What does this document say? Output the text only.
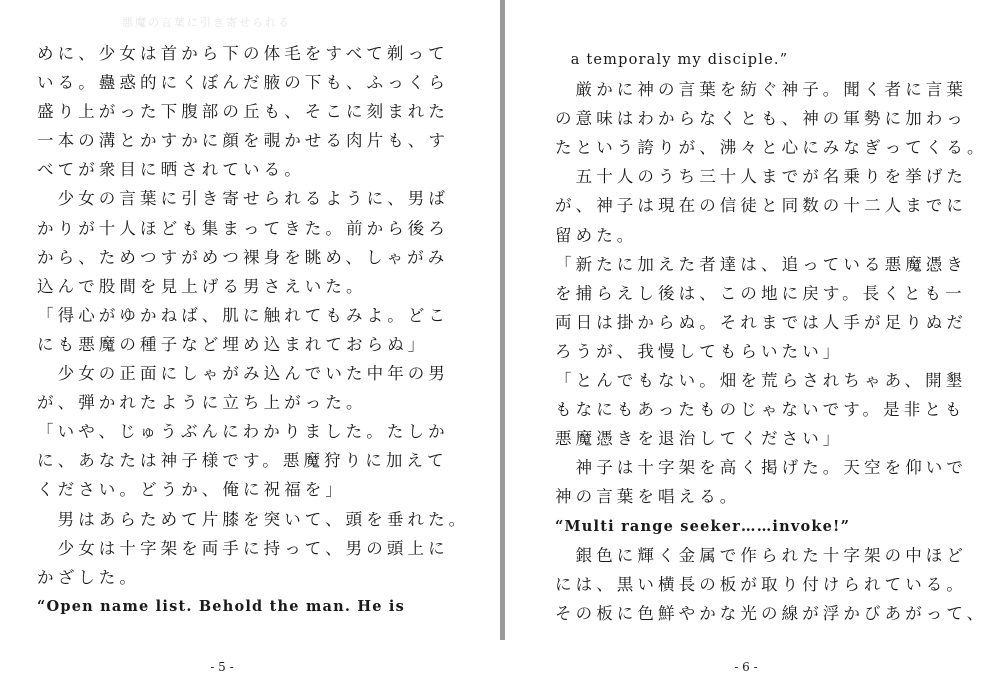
悪魔の言葉に引き寄せられる
めに、少女は首から下の体毛をすべて剃って
いる。蠱惑的にくぼんだ腋の下も、ふっくら
盛り上がった下腹部の丘も、そこに刻まれた
一本の溝とかすかに顔を覗かせる肉片も、す
べてが衆目に晒されている。
　少女の言葉に引き寄せられるように、男ば
かりが十人ほども集まってきた。前から後ろ
から、ためつすがめつ裸身を眺め、しゃがみ
込んで股間を見上げる男さえいた。
「得心がゆかねば、肌に触れてもみよ。どこ
にも悪魔の種子など埋め込まれておらぬ」
　少女の正面にしゃがみ込んでいた中年の男
が、弾かれたように立ち上がった。
「いや、じゅうぶんにわかりました。たしか
に、あなたは神子様です。悪魔狩りに加えて
ください。どうか、俺に祝福を」
　男はあらためて片膝を突いて、頭を垂れた。
　少女は十字架を両手に持って、男の頭上に
かざした。
“Open name list. Behold the man. He is
- 5 -
　a temporaly my disciple.”
　厳かに神の言葉を紡ぐ神子。聞く者に言葉
の意味はわからなくとも、神の軍勢に加わっ
たという誇りが、沸々と心にみなぎってくる。
　五十人のうち三十人までが名乗りを挙げた
が、神子は現在の信徒と同数の十二人までに
留めた。
「新たに加えた者達は、追っている悪魔憑き
を捕らえし後は、この地に戻す。長くとも一
両日は掛からぬ。それまでは人手が足りぬだ
ろうが、我慢してもらいたい」
「とんでもない。畑を荒らされちゃあ、開墾
もなにもあったものじゃないです。是非とも
悪魔憑きを退治してください」
　神子は十字架を高く掲げた。天空を仰いで
神の言葉を唱える。
“Multi range seeker……invoke!”
　銀色に輝く金属で作られた十字架の中ほど
には、黒い横長の板が取り付けられている。
その板に色鮮やかな光の線が浮かびあがって、
- 6 -
